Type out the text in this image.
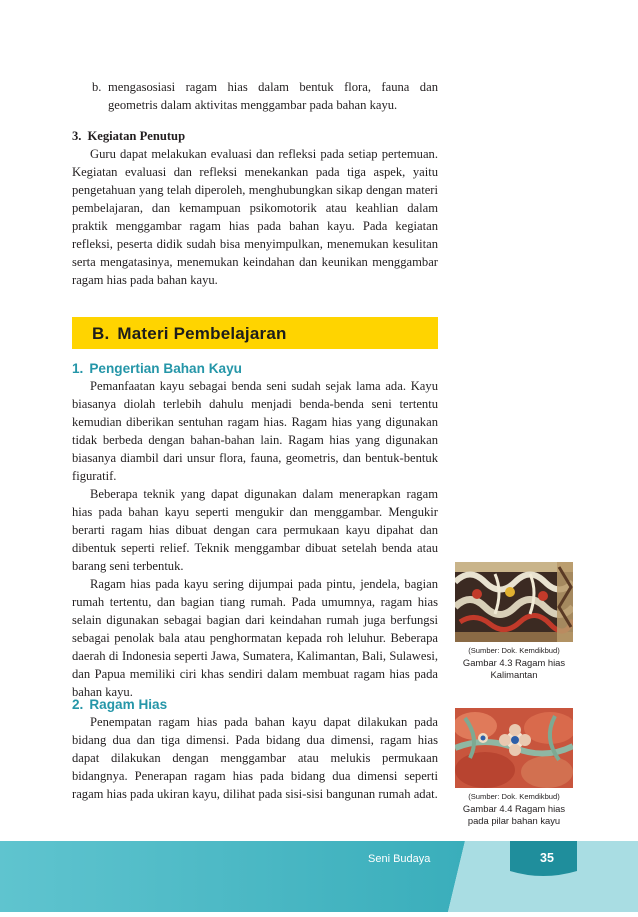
b. mengasosiasi ragam hias dalam bentuk flora, fauna dan geometris dalam aktivitas menggambar pada bahan kayu.
3. Kegiatan Penutup

Guru dapat melakukan evaluasi dan refleksi pada setiap pertemuan. Kegiatan evaluasi dan refleksi menekankan pada tiga aspek, yaitu pengetahuan yang telah diperoleh, menghubungkan sikap dengan materi pembelajaran, dan kemampuan psikomotorik atau keahlian dalam praktik menggambar ragam hias pada bahan kayu. Pada kegiatan refleksi, peserta didik sudah bisa menyimpulkan, menemukan kesulitan serta mengatasinya, menemukan keindahan dan keunikan menggambar ragam hias pada bahan kayu.

B. Materi Pembelajaran
1. Pengertian Bahan Kayu

Pemanfaatan kayu sebagai benda seni sudah sejak lama ada. Kayu biasanya diolah terlebih dahulu menjadi benda-benda seni tertentu kemudian diberikan sentuhan ragam hias. Ragam hias yang digunakan tidak berbeda dengan bahan-bahan lain. Ragam hias yang digunakan biasanya diambil dari unsur flora, fauna, geometris, dan bentuk-bentuk figuratif.

Beberapa teknik yang dapat digunakan dalam menerapkan ragam hias pada bahan kayu seperti mengukir dan menggambar. Mengukir berarti ragam hias dibuat dengan cara permukaan kayu dipahat dan dibentuk seperti relief. Teknik menggambar dibuat setelah benda atau barang seni terbentuk.

Ragam hias pada kayu sering dijumpai pada pintu, jendela, bagian rumah tertentu, dan bagian tiang rumah. Pada umumnya, ragam hias selain digunakan sebagai bagian dari keindahan rumah juga berfungsi sebagai penolak bala atau penghormatan kepada roh leluhur. Beberapa daerah di Indonesia seperti Jawa, Sumatera, Kalimantan, Bali, Sulawesi, dan Papua memiliki ciri khas sendiri dalam membuat ragam hias pada bahan kayu.

2. Ragam Hias

Penempatan ragam hias pada bahan kayu dapat dilakukan pada bidang dua dan tiga dimensi. Pada bidang dua dimensi, ragam hias dapat dilakukan dengan menggambar atau melukis permukaan bidangnya. Penerapan ragam hias pada bidang dua dimensi seperti ragam hias pada ukiran kayu, dilihat pada sisi-sisi bangunan rumah adat.

(Sumber: Dok. Kemdikbud)
Gambar 4.3 Ragam hias Kalimantan
(Sumber: Dok. Kemdikbud)
Gambar 4.4 Ragam hias pada pilar bahan kayu
Seni Budaya	35
